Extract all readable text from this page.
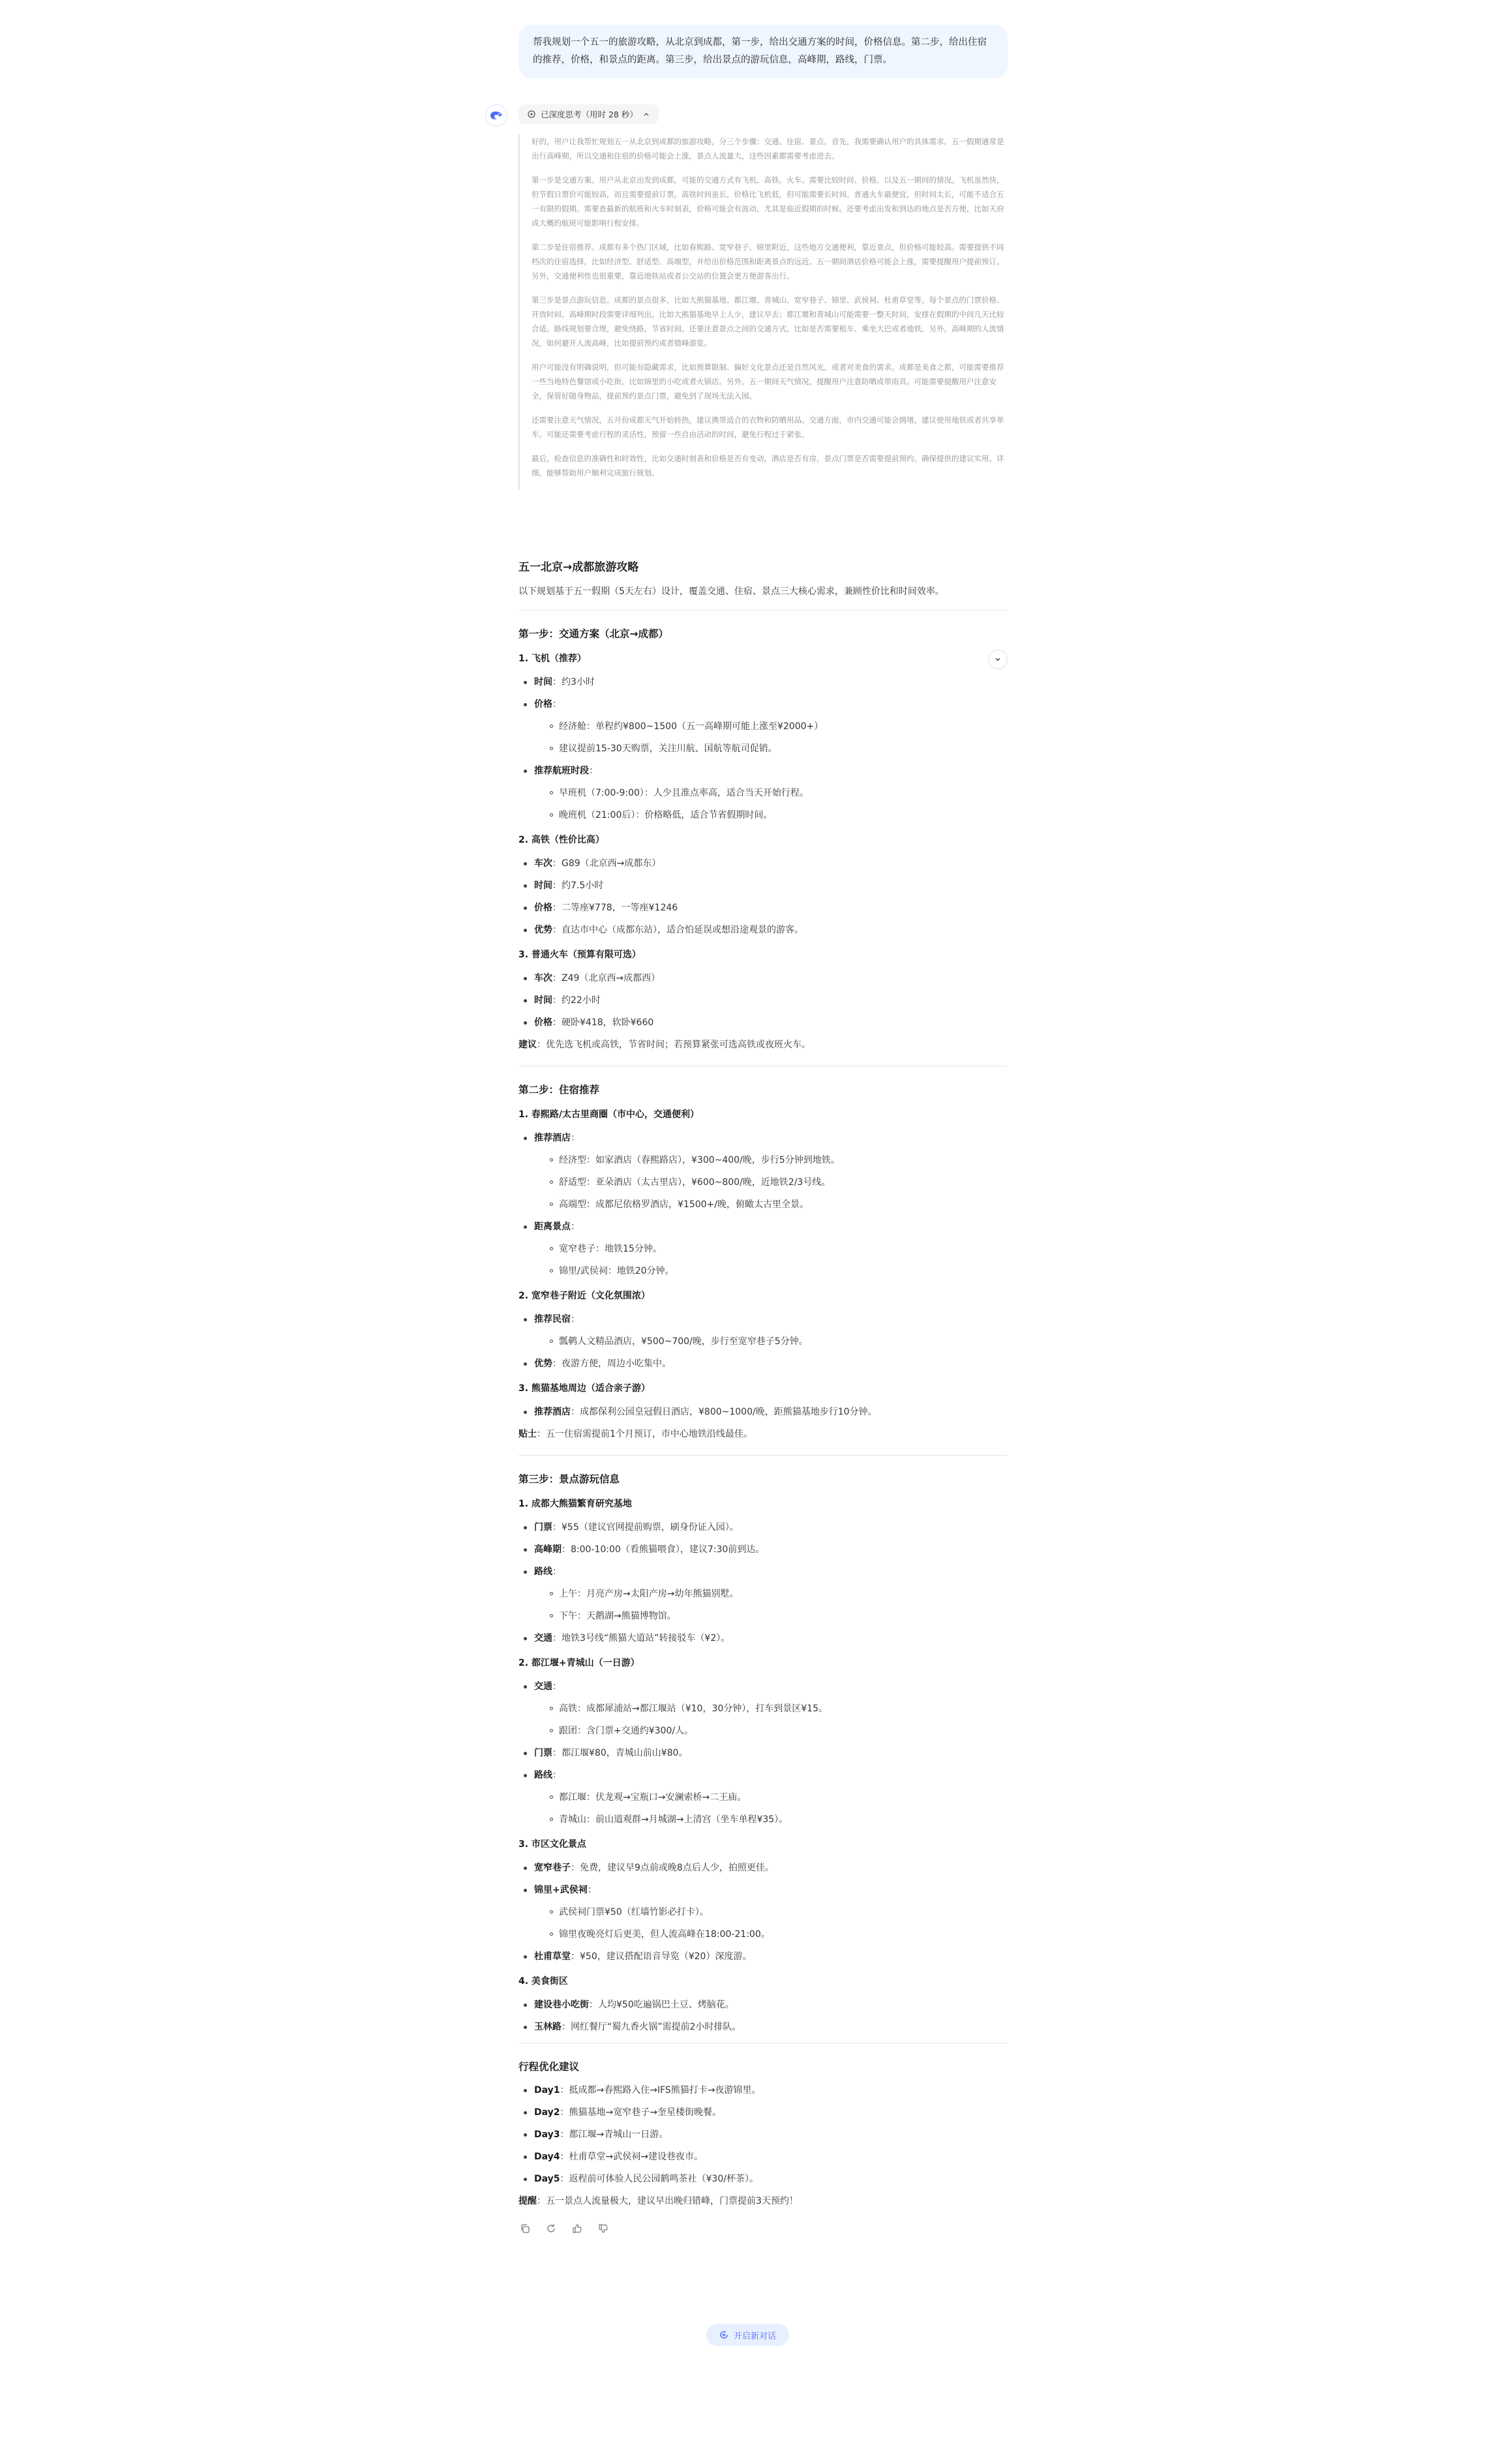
帮我规划一个五一的旅游攻略，从北京到成都，第一步，给出交通方案的时间，价格信息。第二步，给出住宿的推荐，价格，和景点的距离。第三步，给出景点的游玩信息，高峰期，路线，门票。
已深度思考（用时 28 秒）

好的，用户让我帮忙规划五一从北京到成都的旅游攻略，分三个步骤：交通、住宿、景点。首先，我需要确认用户的具体需求。五一假期通常是出行高峰期，所以交通和住宿的价格可能会上涨，景点人流量大，这些因素都需要考虑进去。

第一步是交通方案。用户从北京出发到成都，可能的交通方式有飞机、高铁、火车。需要比较时间、价格，以及五一期间的情况。飞机虽然快，但节假日票价可能较高，而且需要提前订票。高铁时间虽长，价格比飞机低，但可能需要长时间。普通火车最便宜，但时间太长，可能不适合五一有限的假期。需要查最新的航班和火车时刻表，价格可能会有波动，尤其是临近假期的时候。还要考虑出发和到达的地点是否方便，比如天府成大概的航班可能影响行程安排。

第二步是住宿推荐。成都有多个热门区域，比如春熙路、宽窄巷子、锦里附近，这些地方交通便利，靠近景点，但价格可能较高。需要提供不同档次的住宿选择，比如经济型、舒适型、高端型，并给出价格范围和距离景点的远近。五一期间酒店价格可能会上涨，需要提醒用户提前预订。另外，交通便利性也很重要，靠近地铁站或者公交站的位置会更方便游客出行。

第三步是景点游玩信息。成都的景点很多，比如大熊猫基地、都江堰、青城山、宽窄巷子、锦里、武侯祠、杜甫草堂等。每个景点的门票价格、开放时间、高峰期时段需要详细列出。比如大熊猫基地早上人少，建议早去；都江堰和青城山可能需要一整天时间，安排在假期的中间几天比较合适。路线规划要合理，避免绕路，节省时间。还要注意景点之间的交通方式，比如是否需要租车、乘坐大巴或者地铁。另外，高峰期的人流情况，如何避开人流高峰，比如提前预约或者错峰游览。

用户可能没有明确说明，但可能有隐藏需求，比如预算限制、偏好文化景点还是自然风光，或者对美食的需求。成都是美食之都，可能需要推荐一些当地特色餐馆或小吃街，比如锦里的小吃或者火锅店。另外，五一期间天气情况，提醒用户注意防晒或带雨具。可能需要提醒用户注意安全，保管好随身物品，提前预约景点门票，避免到了现场无法入园。

还需要注意天气情况，五月份成都天气开始转热，建议携带适合的衣物和防晒用品。交通方面，市内交通可能会拥堵，建议使用地铁或者共享单车。可能还需要考虑行程的灵活性，预留一些自由活动的时间，避免行程过于紧张。

最后，检查信息的准确性和时效性，比如交通时刻表和价格是否有变动，酒店是否有房，景点门票是否需要提前预约。确保提供的建议实用、详细，能够帮助用户顺利完成旅行规划。

五一北京→成都旅游攻略
以下规划基于五一假期（5天左右）设计，覆盖交通、住宿、景点三大核心需求，兼顾性价比和时间效率。
第一步：交通方案（北京→成都）
1. 飞机（推荐）
时间：约3小时
价格：
经济舱：单程约¥800~1500（五一高峰期可能上涨至¥2000+）
建议提前15-30天购票，关注川航、国航等航司促销。
推荐航班时段：
早班机（7:00-9:00）：人少且准点率高，适合当天开始行程。
晚班机（21:00后）：价格略低，适合节省假期时间。
2. 高铁（性价比高）
车次：G89（北京西→成都东）
时间：约7.5小时
价格：二等座¥778，一等座¥1246
优势：直达市中心（成都东站），适合怕延误或想沿途观景的游客。
3. 普通火车（预算有限可选）
车次：Z49（北京西→成都西）
时间：约22小时
价格：硬卧¥418，软卧¥660
建议：优先选飞机或高铁，节省时间；若预算紧张可选高铁或夜班火车。
第二步：住宿推荐
1. 春熙路/太古里商圈（市中心，交通便利）
推荐酒店：
经济型：如家酒店（春熙路店），¥300~400/晚，步行5分钟到地铁。
舒适型：亚朵酒店（太古里店），¥600~800/晚，近地铁2/3号线。
高端型：成都尼依格罗酒店，¥1500+/晚，俯瞰太古里全景。
距离景点：
宽窄巷子：地铁15分钟。
锦里/武侯祠：地铁20分钟。
2. 宽窄巷子附近（文化氛围浓）
推荐民宿：
瓢鹌人文精品酒店，¥500~700/晚，步行至宽窄巷子5分钟。
优势：夜游方便，周边小吃集中。
3. 熊猫基地周边（适合亲子游）
推荐酒店：成都保利公园皇冠假日酒店，¥800~1000/晚，距熊猫基地步行10分钟。
贴士：五一住宿需提前1个月预订，市中心地铁沿线最佳。
第三步：景点游玩信息
1. 成都大熊猫繁育研究基地
门票：¥55（建议官网提前购票，刷身份证入园）。
高峰期：8:00-10:00（看熊猫喂食），建议7:30前到达。
路线：
上午：月亮产房→太阳产房→幼年熊猫别墅。
下午：天鹅湖→熊猫博物馆。
交通：地铁3号线“熊猫大道站”转接驳车（¥2）。
2. 都江堰+青城山（一日游）
交通：
高铁：成都犀浦站→都江堰站（¥10，30分钟），打车到景区¥15。
跟团：含门票+交通约¥300/人。
门票：都江堰¥80，青城山前山¥80。
路线：
都江堰：伏龙观→宝瓶口→安澜索桥→二王庙。
青城山：前山道观群→月城湖→上清宫（坐车单程¥35）。
3. 市区文化景点
宽窄巷子：免费，建议早9点前或晚8点后人少，拍照更佳。
锦里+武侯祠：
武侯祠门票¥50（红墙竹影必打卡）。
锦里夜晚亮灯后更美，但人流高峰在18:00-21:00。
杜甫草堂：¥50，建议搭配语音导览（¥20）深度游。
4. 美食街区
建设巷小吃街：人均¥50吃遍锅巴土豆、烤脑花。
玉林路：网红餐厅“蜀九香火锅”需提前2小时排队。
行程优化建议
Day1：抵成都→春熙路入住→IFS熊猫打卡→夜游锦里。
Day2：熊猫基地→宽窄巷子→奎星楼街晚餐。
Day3：都江堰→青城山一日游。
Day4：杜甫草堂→武侯祠→建设巷夜市。
Day5：返程前可体验人民公园鹤鸣茶社（¥30/杯茶）。
提醒：五一景点人流量极大，建议早出晚归错峰，门票提前3天预约！
开启新对话
